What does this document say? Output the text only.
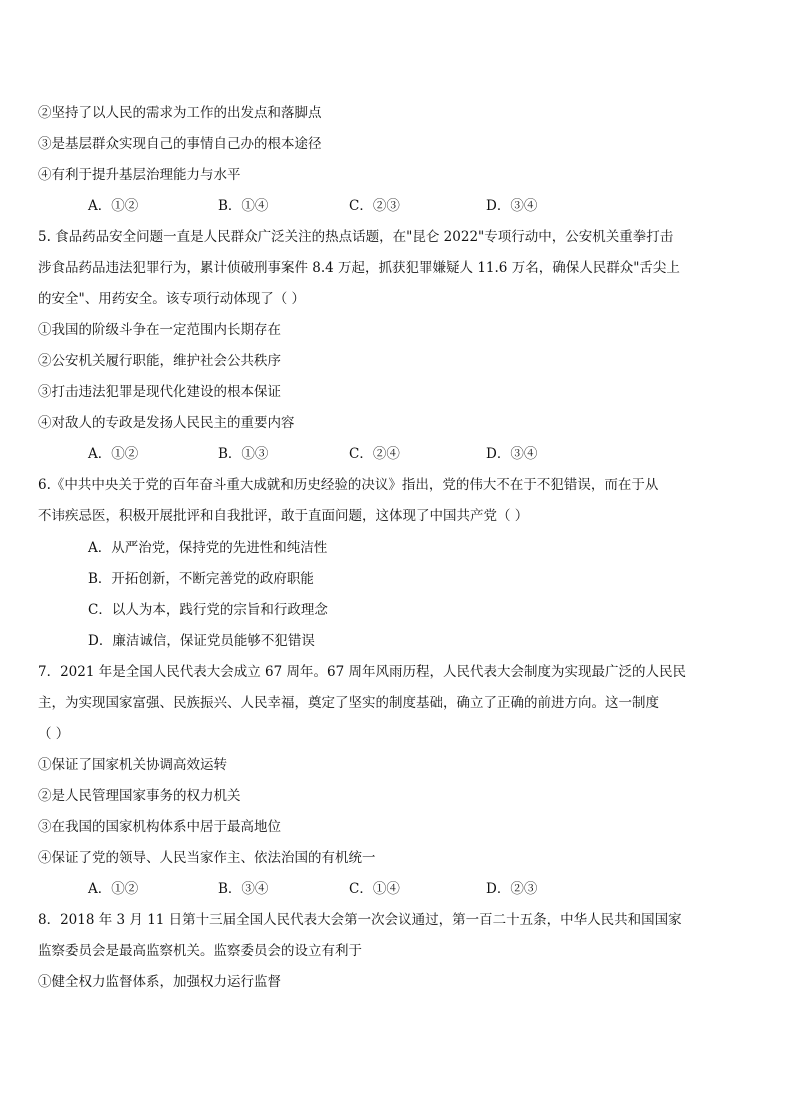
②坚持了以人民的需求为工作的出发点和落脚点
③是基层群众实现自己的事情自己办的根本途径
④有利于提升基层治理能力与水平
A．①②	B．①④	C．②③	D．③④
5. 食品药品安全问题一直是人民群众广泛关注的热点话题，在"昆仑 2022"专项行动中，公安机关重拳打击
涉食品药品违法犯罪行为，累计侦破刑事案件 8.4 万起，抓获犯罪嫌疑人 11.6 万名，确保人民群众"舌尖上
的安全"、用药安全。该专项行动体现了（ ）
①我国的阶级斗争在一定范围内长期存在
②公安机关履行职能，维护社会公共秩序
③打击违法犯罪是现代化建设的根本保证
④对敌人的专政是发扬人民民主的重要内容
A．①②	B．①③	C．②④	D．③④
6.《中共中央关于党的百年奋斗重大成就和历史经验的决议》指出，党的伟大不在于不犯错误，而在于从
不讳疾忌医，积极开展批评和自我批评，敢于直面问题，这体现了中国共产党（ ）
A．从严治党，保持党的先进性和纯洁性
B．开拓创新，不断完善党的政府职能
C．以人为本，践行党的宗旨和行政理念
D．廉洁诚信，保证党员能够不犯错误
7．2021 年是全国人民代表大会成立 67 周年。67 周年风雨历程，人民代表大会制度为实现最广泛的人民民
主，为实现国家富强、民族振兴、人民幸福，奠定了坚实的制度基础，确立了正确的前进方向。这一制度
（ ）
①保证了国家机关协调高效运转
②是人民管理国家事务的权力机关
③在我国的国家机构体系中居于最高地位
④保证了党的领导、人民当家作主、依法治国的有机统一
A．①②	B．③④	C．①④	D．②③
8．2018 年 3 月 11 日第十三届全国人民代表大会第一次会议通过，第一百二十五条，中华人民共和国国家
监察委员会是最高监察机关。监察委员会的设立有利于
①健全权力监督体系，加强权力运行监督
